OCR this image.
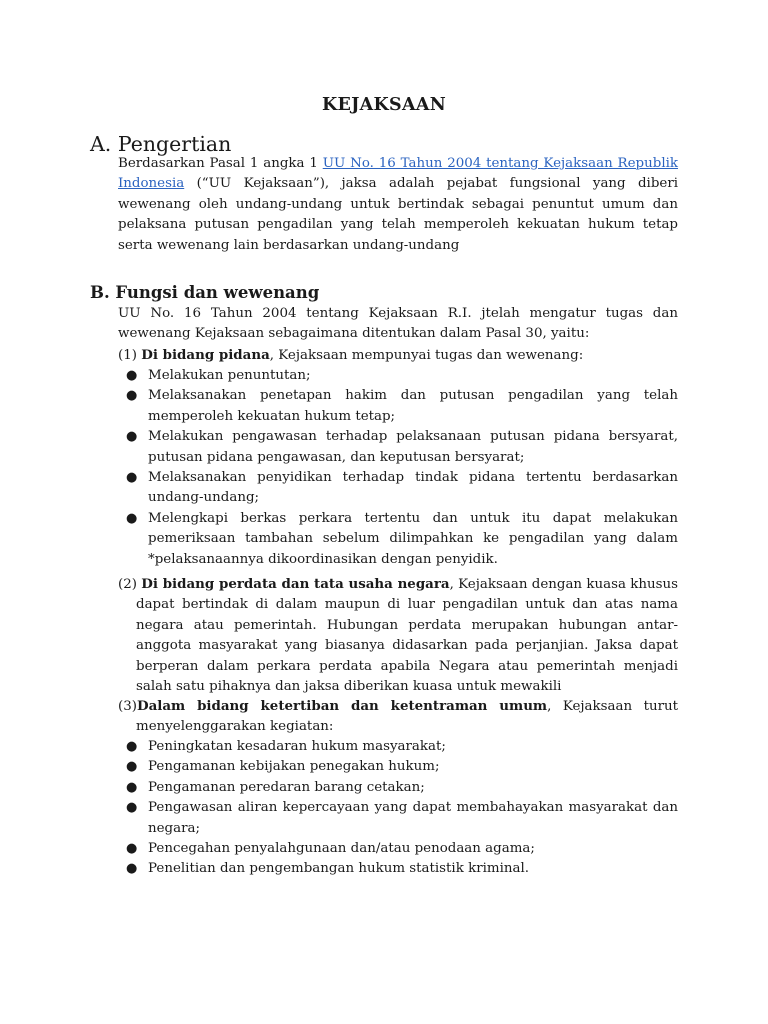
KEJAKSAAN
A. Pengertian

Berdasarkan Pasal 1 angka 1 UU No. 16 Tahun 2004 tentang Kejaksaan Republik Indonesia (“UU Kejaksaan”), jaksa adalah pejabat fungsional yang diberi wewenang oleh undang-undang untuk bertindak sebagai penuntut umum dan pelaksana putusan pengadilan yang telah memperoleh kekuatan hukum tetap serta wewenang lain berdasarkan undang-undang

B. Fungsi dan wewenang

UU No. 16 Tahun 2004 tentang Kejaksaan R.I. jtelah mengatur tugas dan wewenang Kejaksaan sebagaimana ditentukan dalam Pasal 30, yaitu:

(1) Di bidang pidana, Kejaksaan mempunyai tugas dan wewenang:

● Melakukan penuntutan;
● Melaksanakan penetapan hakim dan putusan pengadilan yang telah memperoleh kekuatan hukum tetap;
● Melakukan pengawasan terhadap pelaksanaan putusan pidana bersyarat, putusan pidana pengawasan, dan keputusan bersyarat;
● Melaksanakan penyidikan terhadap tindak pidana tertentu berdasarkan undang-undang;
● Melengkapi berkas perkara tertentu dan untuk itu dapat melakukan pemeriksaan tambahan sebelum dilimpahkan ke pengadilan yang dalam *pelaksanaannya dikoordinasikan dengan penyidik.

(2) Di bidang perdata dan tata usaha negara, Kejaksaan dengan kuasa khusus dapat bertindak di dalam maupun di luar pengadilan untuk dan atas nama negara atau pemerintah. Hubungan perdata merupakan hubungan antar-anggota masyarakat yang biasanya didasarkan pada perjanjian. Jaksa dapat berperan dalam perkara perdata apabila Negara atau pemerintah menjadi salah satu pihaknya dan jaksa diberikan kuasa untuk mewakili

(3)Dalam bidang ketertiban dan ketentraman umum, Kejaksaan turut menyelenggarakan kegiatan:

● Peningkatan kesadaran hukum masyarakat;
● Pengamanan kebijakan penegakan hukum;
● Pengamanan peredaran barang cetakan;
● Pengawasan aliran kepercayaan yang dapat membahayakan masyarakat dan negara;
● Pencegahan penyalahgunaan dan/atau penodaan agama;
● Penelitian dan pengembangan hukum statistik kriminal.
